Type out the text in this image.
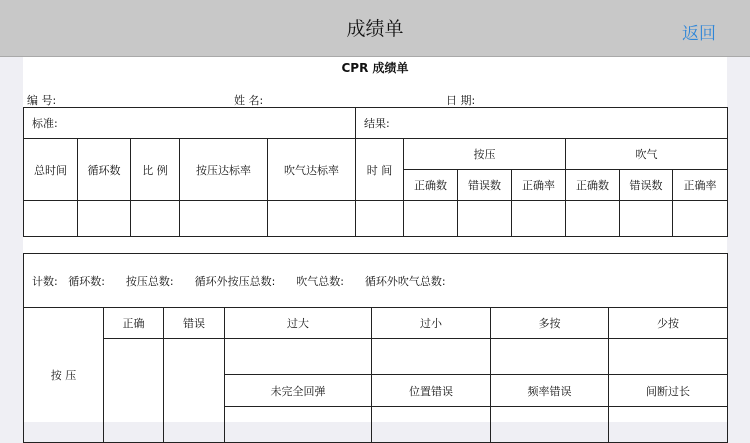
成绩单	返回
CPR 成绩单
编 号:	姓 名:	日 期:
标准:					结果:						
总时间	循环数	比 例	按压达标率	吹气达标率	时 间	按压			吹气		
						正确数	错误数	正确率	正确数	错误数	正确率

计数:   循环数:      按压总数:      循环外按压总数:      吹气总数:      循环外吹气总数:						
按 压	正确	错误	过大	过小	多按	少按

			未完全回弹	位置错误	频率错误	间断过长
